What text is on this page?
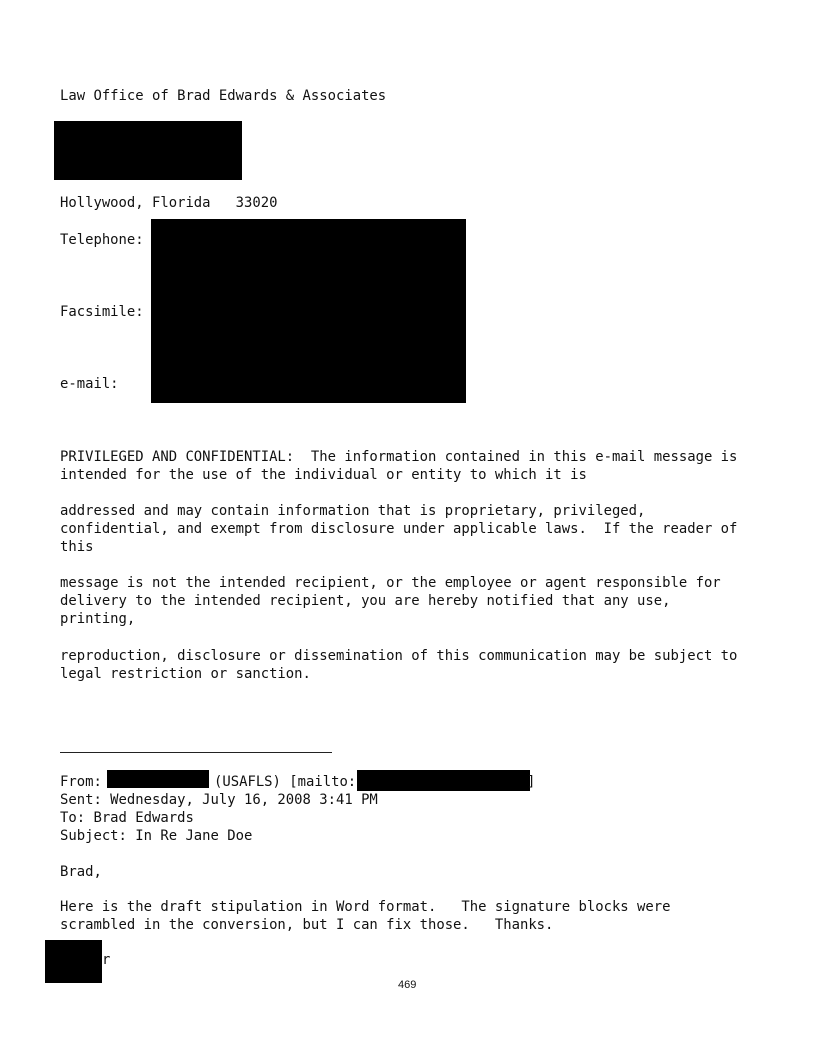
Law Office of Brad Edwards & Associates
Hollywood, Florida   33020
Telephone:
Facsimile:
e-mail:
PRIVILEGED AND CONFIDENTIAL:  The information contained in this e-mail message is
intended for the use of the individual or entity to which it is
addressed and may contain information that is proprietary, privileged,
confidential, and exempt from disclosure under applicable laws.  If the reader of
this
message is not the intended recipient, or the employee or agent responsible for
delivery to the intended recipient, you are hereby notified that any use,
printing,
reproduction, disclosure or dissemination of this communication may be subject to
legal restriction or sanction.
From:	(USAFLS) [mailto:	]
Sent: Wednesday, July 16, 2008 3:41 PM
To: Brad Edwards
Subject: In Re Jane Doe
Brad,
Here is the draft stipulation in Word format.   The signature blocks were
scrambled in the conversion, but I can fix those.   Thanks.
r
469
